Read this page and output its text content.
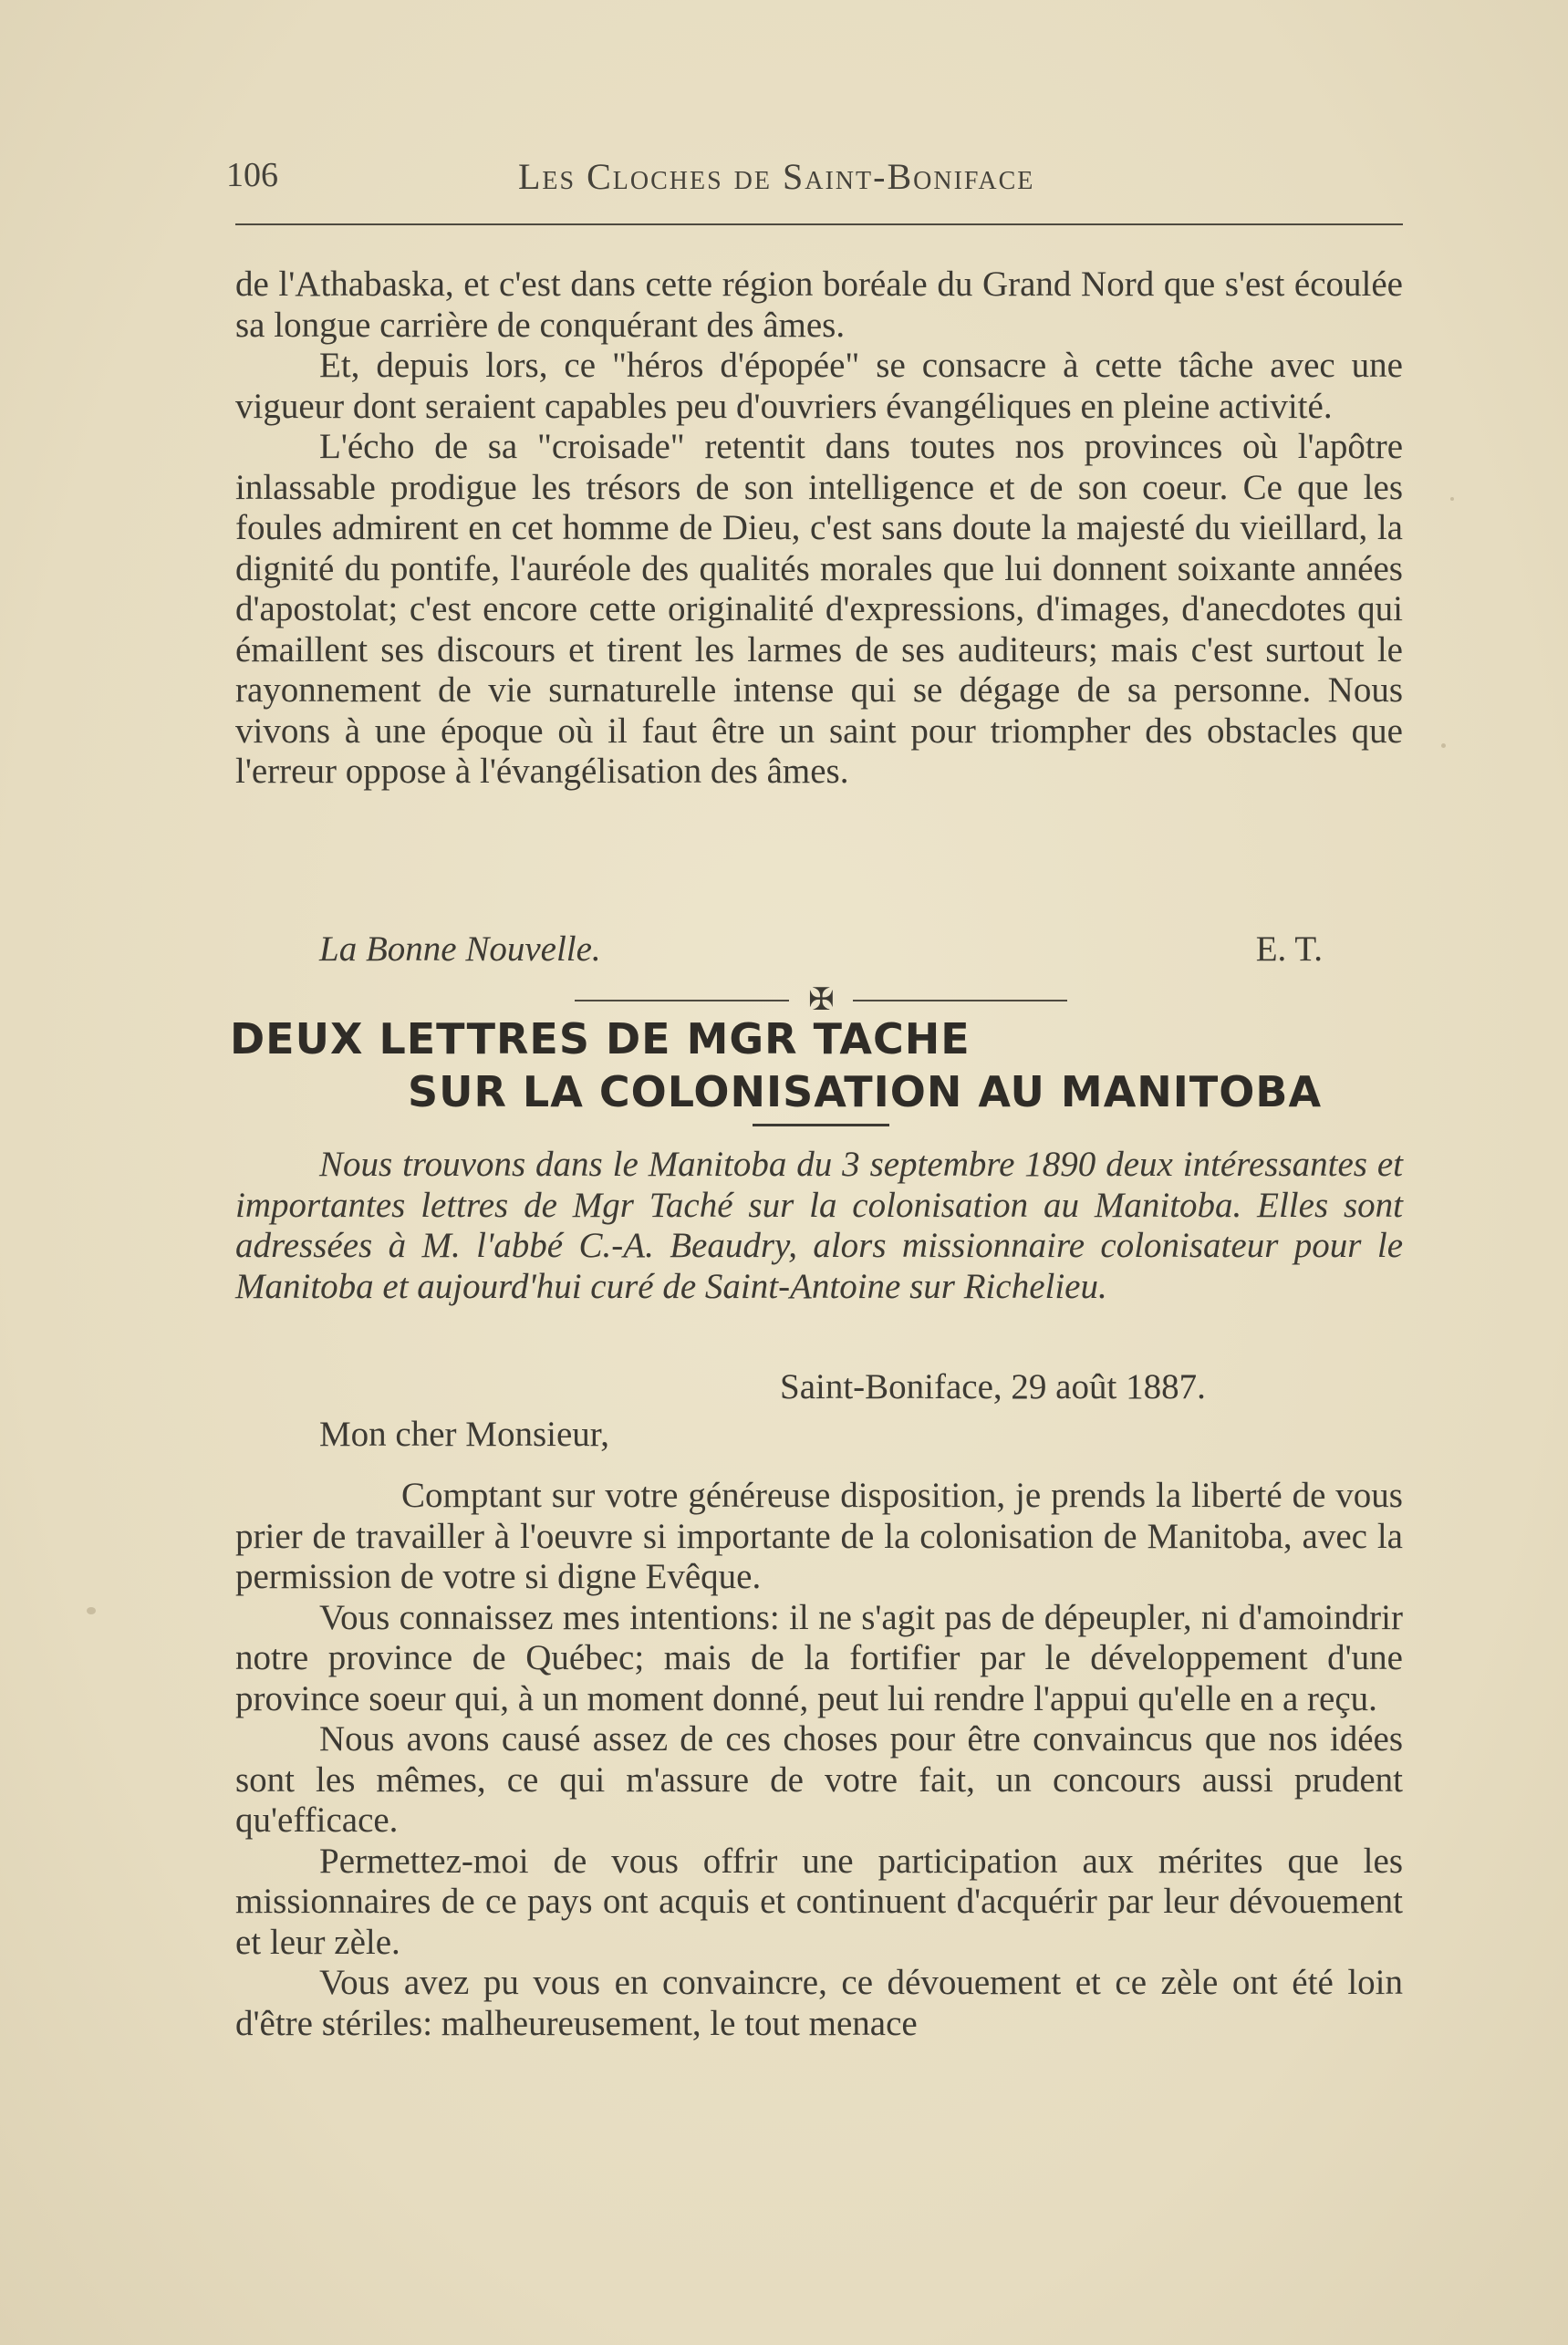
106	Les Cloches de Saint-Boniface

de l'Athabaska, et c'est dans cette région boréale du Grand Nord que s'est écoulée sa longue carrière de conquérant des âmes.

Et, depuis lors, ce "héros d'épopée" se consacre à cette tâche avec une vigueur dont seraient capables peu d'ouvriers évangéliques en pleine activité.

L'écho de sa "croisade" retentit dans toutes nos provinces où l'apôtre inlassable prodigue les trésors de son intelligence et de son coeur. Ce que les foules admirent en cet homme de Dieu, c'est sans doute la majesté du vieillard, la dignité du pontife, l'auréole des qualités morales que lui donnent soixante années d'apostolat; c'est encore cette originalité d'expressions, d'images, d'anecdotes qui émaillent ses discours et tirent les larmes de ses auditeurs; mais c'est surtout le rayonnement de vie surnaturelle intense qui se dégage de sa personne. Nous vivons à une époque où il faut être un saint pour triompher des obstacles que l'erreur oppose à l'évangélisation des âmes.

La Bonne Nouvelle.	E. T.
✠
DEUX LETTRES DE MGR TACHE
SUR LA COLONISATION AU MANITOBA

Nous trouvons dans le Manitoba du 3 septembre 1890 deux intéressantes et importantes lettres de Mgr Taché sur la colonisation au Manitoba. Elles sont adressées à M. l'abbé C.-A. Beaudry, alors missionnaire colonisateur pour le Manitoba et aujourd'hui curé de Saint-Antoine sur Richelieu.

Saint-Boniface, 29 août 1887.
Mon cher Monsieur,

Comptant sur votre généreuse disposition, je prends la liberté de vous prier de travailler à l'oeuvre si importante de la colonisation de Manitoba, avec la permission de votre si digne Evêque.

Vous connaissez mes intentions: il ne s'agit pas de dépeupler, ni d'amoindrir notre province de Québec; mais de la fortifier par le développement d'une province soeur qui, à un moment donné, peut lui rendre l'appui qu'elle en a reçu.

Nous avons causé assez de ces choses pour être convaincus que nos idées sont les mêmes, ce qui m'assure de votre fait, un concours aussi prudent qu'efficace.

Permettez-moi de vous offrir une participation aux mérites que les missionnaires de ce pays ont acquis et continuent d'acquérir par leur dévouement et leur zèle.

Vous avez pu vous en convaincre, ce dévouement et ce zèle ont été loin d'être stériles: malheureusement, le tout menace
